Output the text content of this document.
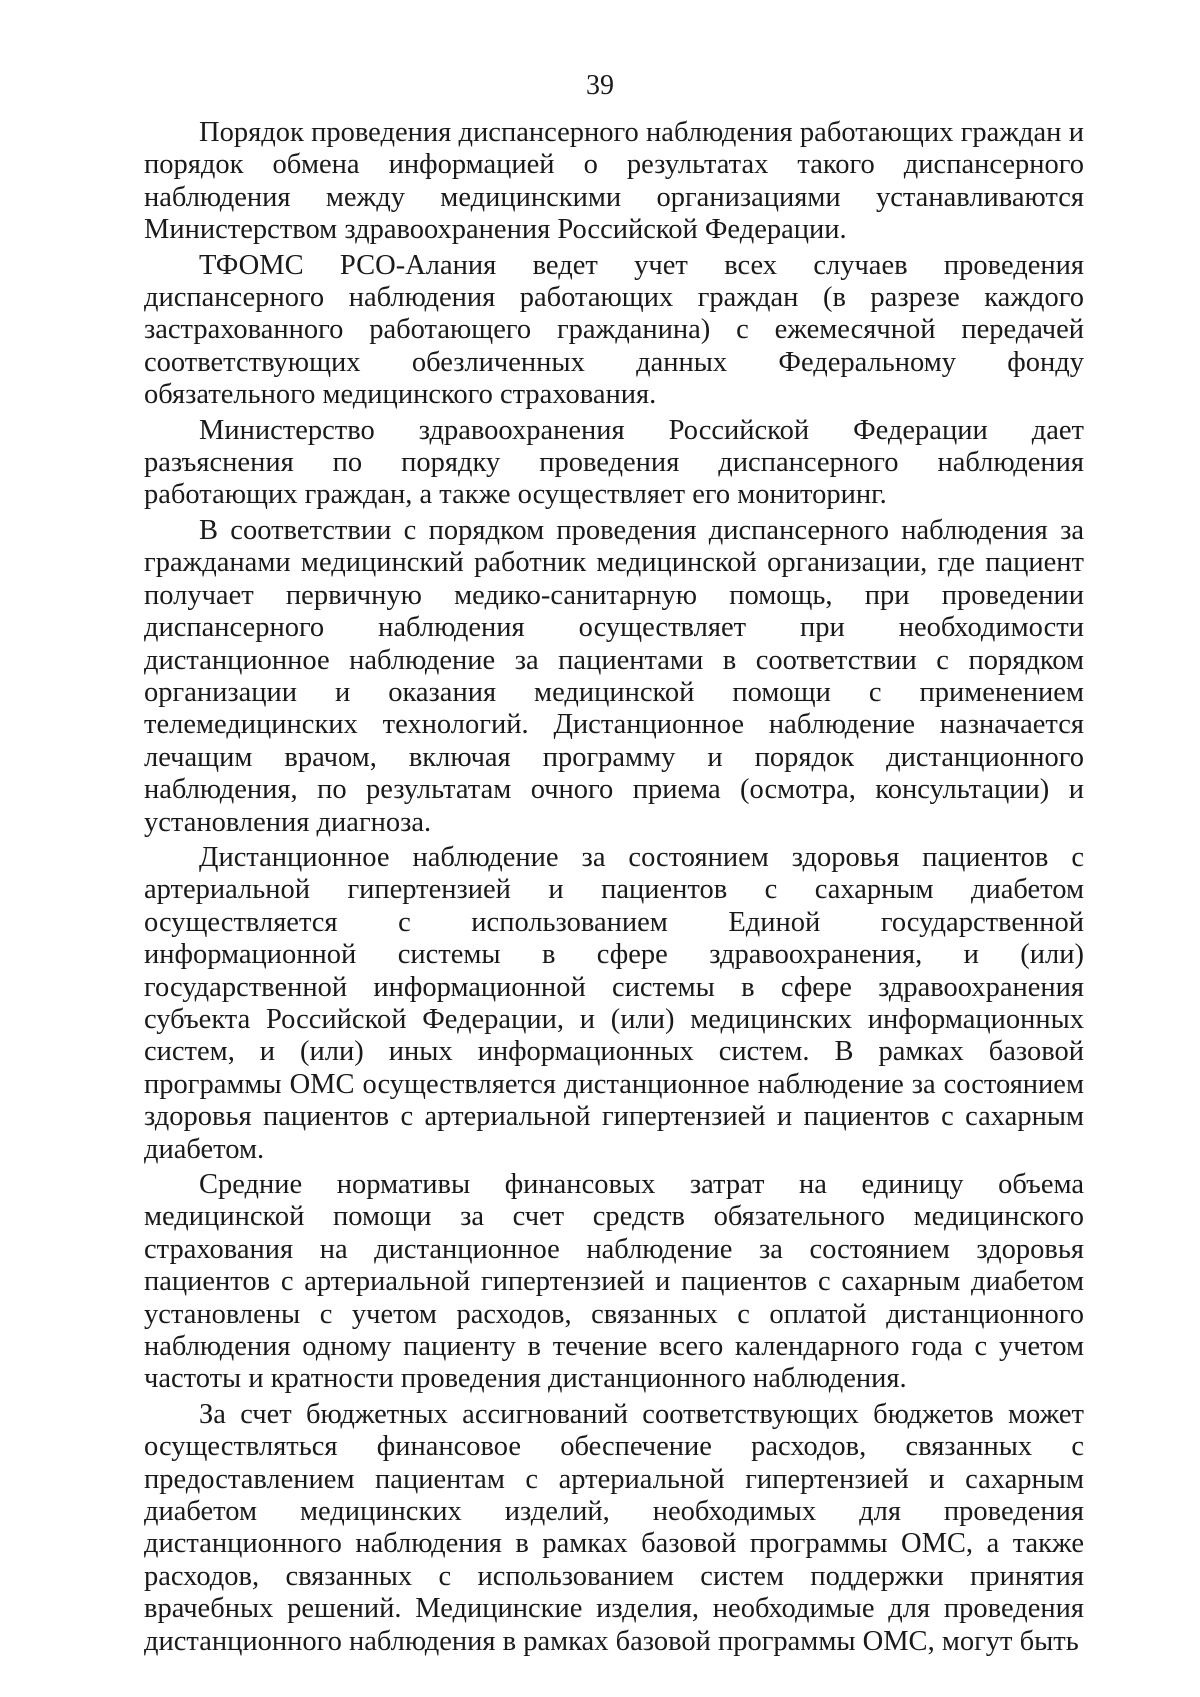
39

Порядок проведения диспансерного наблюдения работающих граждан и порядок обмена информацией о результатах такого диспансерного наблюдения между медицинскими организациями устанавливаются Министерством здравоохранения Российской Федерации.

ТФОМС РСО-Алания ведет учет всех случаев проведения диспансерного наблюдения работающих граждан (в разрезе каждого застрахованного работающего гражданина) с ежемесячной передачей соответствующих обезличенных данных Федеральному фонду обязательного медицинского страхования.

Министерство здравоохранения Российской Федерации дает разъяснения по порядку проведения диспансерного наблюдения работающих граждан, а также осуществляет его мониторинг.

В соответствии с порядком проведения диспансерного наблюдения за гражданами медицинский работник медицинской организации, где пациент получает первичную медико-санитарную помощь, при проведении диспансерного наблюдения осуществляет при необходимости дистанционное наблюдение за пациентами в соответствии с порядком организации и оказания медицинской помощи с применением телемедицинских технологий. Дистанционное наблюдение назначается лечащим врачом, включая программу и порядок дистанционного наблюдения, по результатам очного приема (осмотра, консультации) и установления диагноза.

Дистанционное наблюдение за состоянием здоровья пациентов с артериальной гипертензией и пациентов с сахарным диабетом осуществляется с использованием Единой государственной информационной системы в сфере здравоохранения, и (или) государственной информационной системы в сфере здравоохранения субъекта Российской Федерации, и (или) медицинских информационных систем, и (или) иных информационных систем. В рамках базовой программы ОМС осуществляется дистанционное наблюдение за состоянием здоровья пациентов с артериальной гипертензией и пациентов с сахарным диабетом.

Средние нормативы финансовых затрат на единицу объема медицинской помощи за счет средств обязательного медицинского страхования на дистанционное наблюдение за состоянием здоровья пациентов с артериальной гипертензией и пациентов с сахарным диабетом установлены с учетом расходов, связанных с оплатой дистанционного наблюдения одному пациенту в течение всего календарного года с учетом частоты и кратности проведения дистанционного наблюдения.

За счет бюджетных ассигнований соответствующих бюджетов может осуществляться финансовое обеспечение расходов, связанных с предоставлением пациентам с артериальной гипертензией и сахарным диабетом медицинских изделий, необходимых для проведения дистанционного наблюдения в рамках базовой программы ОМС, а также расходов, связанных с использованием систем поддержки принятия врачебных решений. Медицинские изделия, необходимые для проведения дистанционного наблюдения в рамках базовой программы ОМС, могут быть
